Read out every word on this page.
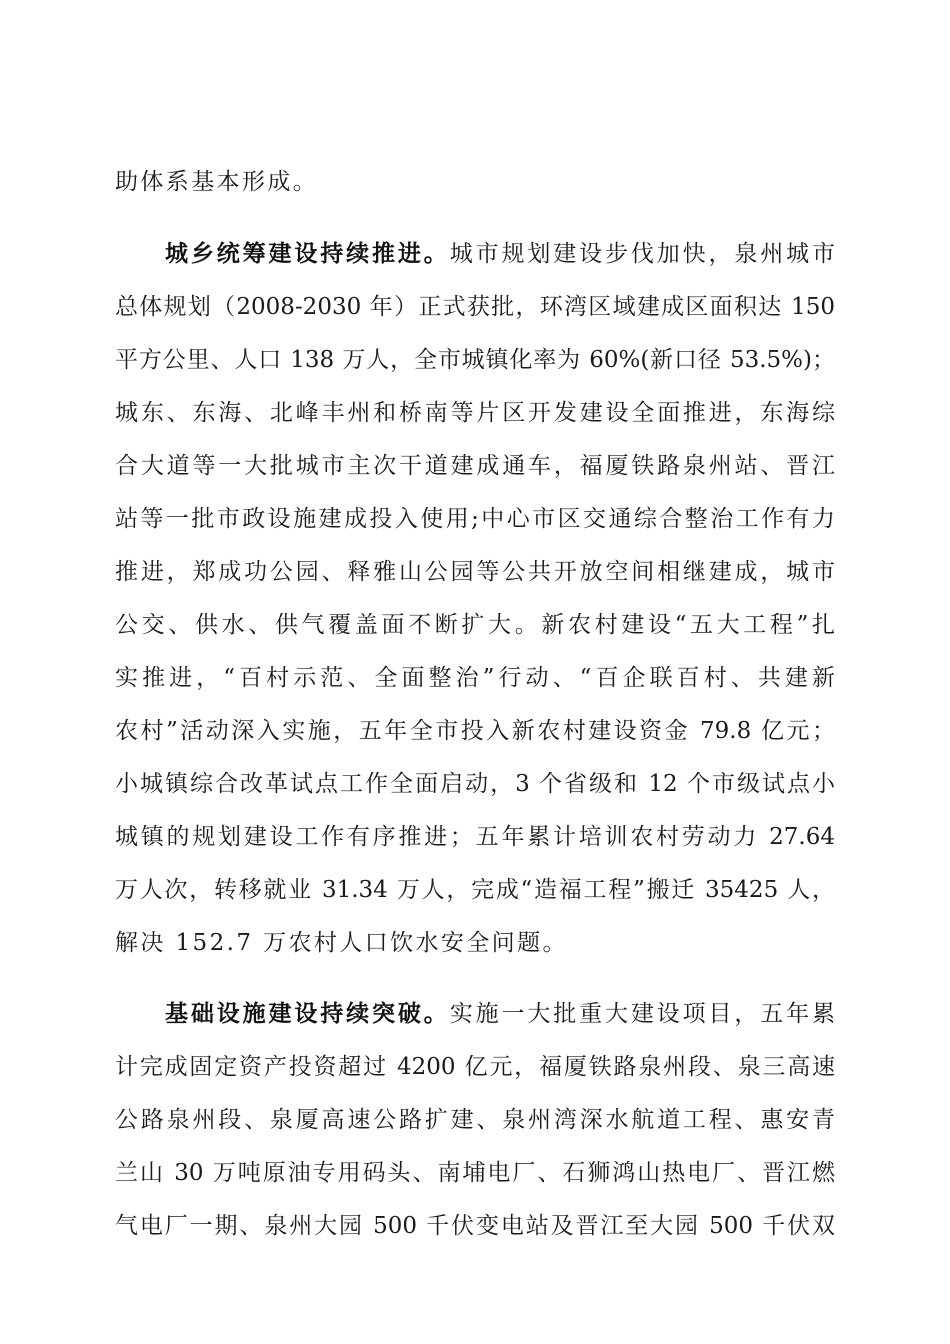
助体系基本形成。
城乡统筹建设持续推进。城市规划建设步伐加快，泉州城市
总体规划（2008-2030 年）正式获批，环湾区域建成区面积达 150
平方公里、人口 138 万人，全市城镇化率为 60%(新口径 53.5%)；
城东、东海、北峰丰州和桥南等片区开发建设全面推进，东海综
合大道等一大批城市主次干道建成通车，福厦铁路泉州站、晋江
站等一批市政设施建成投入使用;中心市区交通综合整治工作有力
推进，郑成功公园、释雅山公园等公共开放空间相继建成，城市
公交、供水、供气覆盖面不断扩大。新农村建设“五大工程”扎
实推进，“百村示范、全面整治”行动、“百企联百村、共建新
农村”活动深入实施，五年全市投入新农村建设资金 79.8 亿元；
小城镇综合改革试点工作全面启动，3 个省级和 12 个市级试点小
城镇的规划建设工作有序推进；五年累计培训农村劳动力 27.64
万人次，转移就业 31.34 万人，完成“造福工程”搬迁 35425 人，
解决 152.7 万农村人口饮水安全问题。
基础设施建设持续突破。实施一大批重大建设项目，五年累
计完成固定资产投资超过 4200 亿元，福厦铁路泉州段、泉三高速
公路泉州段、泉厦高速公路扩建、泉州湾深水航道工程、惠安青
兰山 30 万吨原油专用码头、南埔电厂、石狮鸿山热电厂、晋江燃
气电厂一期、泉州大园 500 千伏变电站及晋江至大园 500 千伏双
